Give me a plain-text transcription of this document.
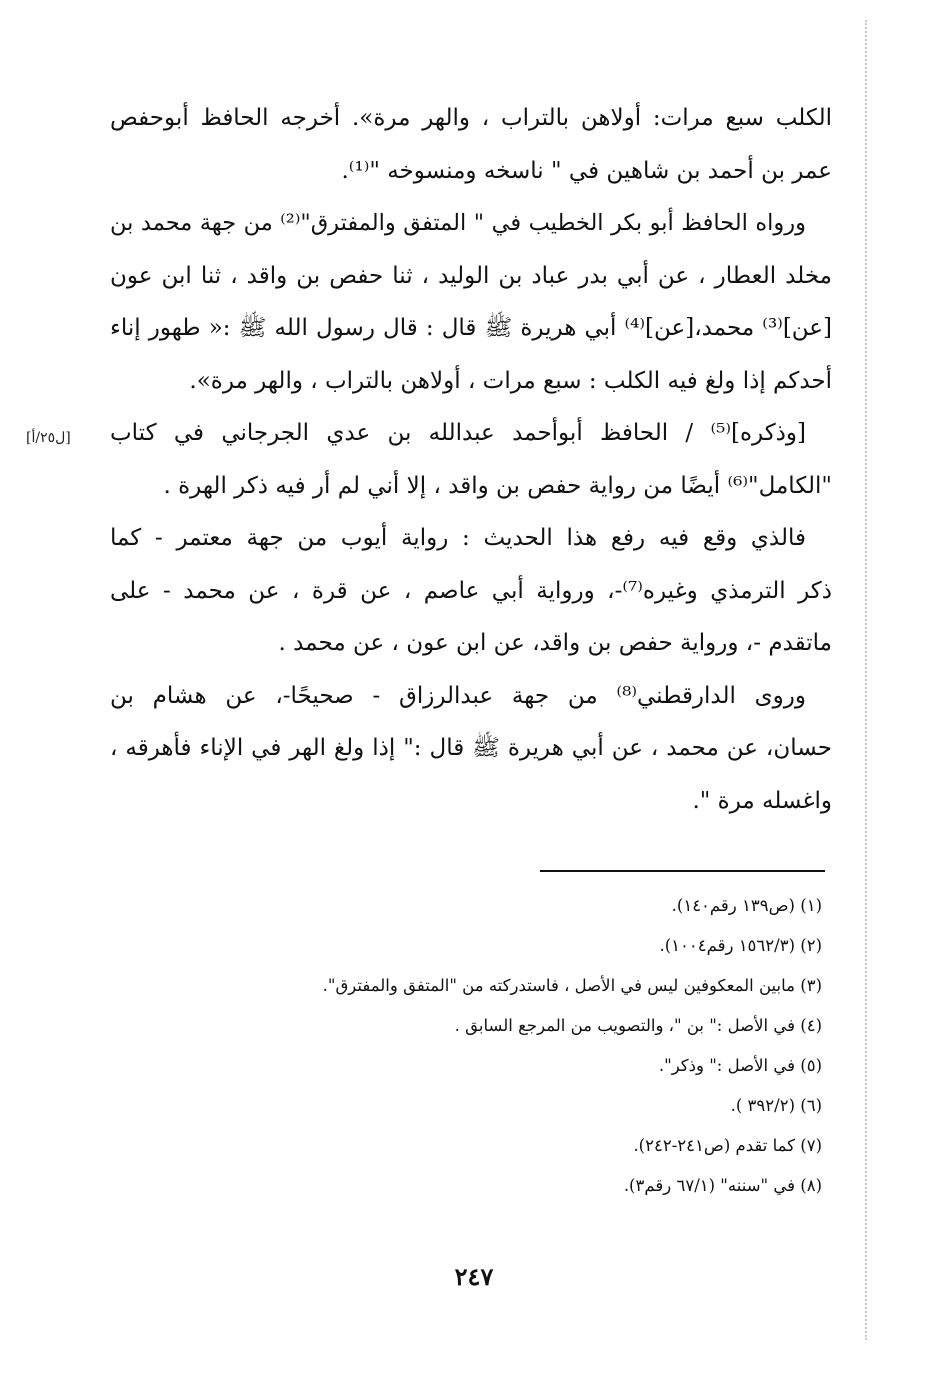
الكلب سبع مرات: أولاهن بالتراب ، والهر مرة». أخرجه الحافظ أبوحفص
عمر بن أحمد بن شاهين في " ناسخه ومنسوخه "⁽¹⁾.
ورواه الحافظ أبو بكر الخطيب في " المتفق والمفترق"⁽²⁾ من جهة محمد بن
مخلد العطار ، عن أبي بدر عباد بن الوليد ، ثنا حفص بن واقد ، ثنا ابن عون
[عن]⁽³⁾ محمد،[عن]⁽⁴⁾ أبي هريرة ﷺ قال : قال رسول الله ﷺ :« طهور إناء
أحدكم إذا ولغ فيه الكلب : سبع مرات ، أولاهن بالتراب ، والهر مرة».
[وذكره]⁽⁵⁾ / الحافظ أبوأحمد عبدالله بن عدي الجرجاني في كتاب
"الكامل"⁽⁶⁾ أيضًا من رواية حفص بن واقد ، إلا أني لم أر فيه ذكر الهرة .
فالذي وقع فيه رفع هذا الحديث : رواية أيوب من جهة معتمر - كما
ذكر الترمذي وغيره⁽⁷⁾-، ورواية أبي عاصم ، عن قرة ، عن محمد - على
ماتقدم -، ورواية حفص بن واقد، عن ابن عون ، عن محمد .
وروى الدارقطني⁽⁸⁾ من جهة عبدالرزاق - صحيحًا-، عن هشام بن
حسان، عن محمد ، عن أبي هريرة ﷺ قال :" إذا ولغ الهر في الإناء فأهرقه ،
واغسله مرة ".
[ل٢٥/أ]
(١) (ص١٣٩ رقم١٤٠).
(٢) (١٥٦٢/٣ رقم١٠٠٤).
(٣) مابين المعكوفين ليس في الأصل ، فاستدركته من "المتفق والمفترق".
(٤) في الأصل :" بن "، والتصويب من المرجع السابق .
(٥) في الأصل :" وذكر".
(٦) (٣٩٢/٢ ).
(٧) كما تقدم (ص٢٤١-٢٤٢).
(٨) في "سننه" (٦٧/١ رقم٣).
٢٤٧
